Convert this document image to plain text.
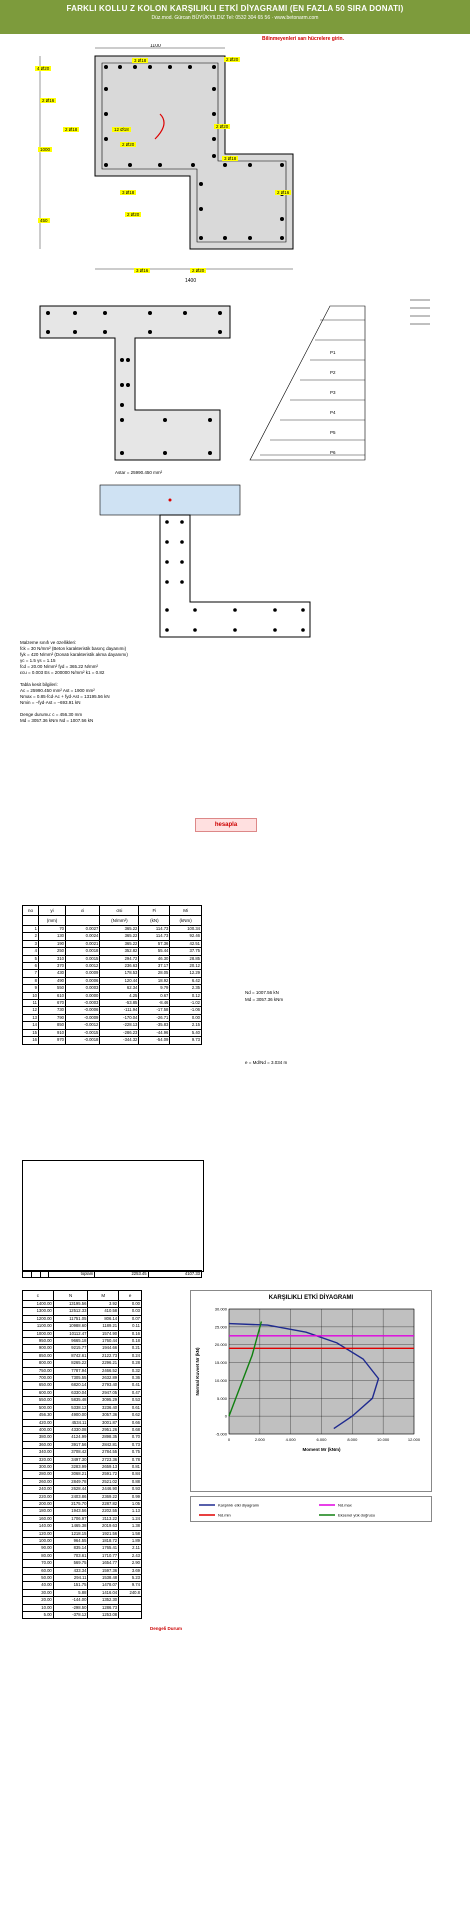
FARKLI KOLLU Z KOLON KARŞILIKLI ETKİ DİYAGRAMI (EN FAZLA 50 SIRA DONATI)
Düz.mod. Gürcan BÜYÜKYILDIZ Tel: 0532 304 65 56 · www.betonarm.com
Bilinmeyenleri sarı hücrelere girin.
1100
1400
4 Ø20
3 Ø18	2 Ø20
2 Ø16
2 Ø18	12 Ø18
2 Ø20
2 Ø20
3 Ø18
3 Ø18	2 Ø16
2 Ø20
2 Ø20
3 Ø16
1000
450
P1
P2
P3
P4
P5
P6
Astar = 25990.450 mm²
Malzeme sınıfı ve özellikleri:
fck = 30 N/mm² (Beton karakteristik basınç dayanımı)
fyk = 420 N/mm² (Donatı karakteristik akma dayanımı)
γc = 1.5 γs = 1.15
fcd = 20.00 N/mm² fyd = 365.22 N/mm²
εcu = 0.003 Es = 200000 N/mm² k1 = 0.82
Tabla kesit bilgileri:
Ac = 25990.450 mm² Ast = 1900 mm²
Nmax = 0.85·fcd·Ac + fyd·Ast = 13195.56 kN
Nmin = −fyd·Ast = −693.91 kN
Denge durumu: c = 456.30 mm
Md = 3057.36 kNm Nd = 1007.56 kN
hesapla
no	yi	εi	σsi	Fi	Mi
	(mm)		(N/mm²)	(kN)	(kNm)
1	70	0.0027	365.22	114.73	100.34
2	130	0.0024	365.22	114.73	92.46
3	190	0.0021	365.22	57.36	42.51
4	250	0.0018	352.82	55.44	37.75
5	310	0.0015	294.72	46.30	28.85
6	370	0.0012	236.63	37.17	20.12
7	430	0.0009	178.53	28.05	12.29
8	490	0.0006	120.44	18.92	6.42
9	550	0.0003	62.34	9.79	2.35
10	610	0.0000	4.25	0.67	0.12
11	670	-0.0003	-53.85	-8.46	-1.02
12	730	-0.0006	-111.94	-17.58	-1.06
13	790	-0.0009	-170.04	-26.71	0.00
14	850	-0.0012	-228.13	-35.83	2.15
15	910	-0.0015	-286.23	-44.96	5.40
16	970	-0.0018	-344.32	-54.09	9.73
			toplam	2253.45	4107.33
Nd = 1007.56 kN
Md = 3057.36 kNm
e = Md/Nd = 3.034 m
c	N	M	e
1400.00	13195.56	3.92	0.00
1300.00	12512.33	410.58	0.03
1200.00	11751.05	806.14	0.07
1100.00	10988.60	1189.21	0.11
1000.00	10112.47	1574.90	0.16
950.00	9665.18	1760.44	0.18
900.00	9215.77	1944.66	0.21
850.00	8742.61	2122.73	0.24
800.00	8265.22	2296.21	0.28
750.00	7787.94	2466.52	0.32
700.00	7305.55	2632.89	0.36
650.00	6820.14	2793.40	0.41
600.00	6330.04	2947.05	0.47
550.00	5835.48	3095.29	0.53
500.00	5338.12	3236.40	0.61
456.30	4900.00	3057.36	0.62
420.00	4534.11	3001.87	0.66
400.00	4330.08	2951.26	0.68
380.00	4124.99	2898.35	0.70
360.00	3917.56	2842.81	0.73
340.00	3708.42	2784.55	0.75
320.00	3497.30	2723.36	0.78
300.00	3283.99	2659.13	0.81
280.00	3068.21	2591.72	0.84
260.00	2849.78	2521.02	0.88
240.00	2628.44	2446.90	0.93
220.00	2403.86	2369.22	0.99
200.00	2175.70	2287.82	1.05
180.00	1943.56	2202.55	1.13
160.00	1706.97	2113.22	1.24
140.00	1465.38	2019.63	1.38
120.00	1218.15	1921.56	1.58
100.00	964.55	1818.72	1.89
90.00	835.14	1765.41	2.11
80.00	703.61	1710.77	2.43
70.00	569.75	1654.77	2.90
60.00	433.34	1597.36	3.69
50.00	294.11	1538.48	5.23
40.00	151.75	1478.07	9.74
30.00	5.88	1416.04	240.8
20.00	-144.00	1352.30	
10.00	-298.50	1286.73	
5.00	-378.12	1253.08	
Dengeli Durum
KARŞILIKLI ETKİ DİYAGRAMI
-5.000
0
5.000
10.000
15.000
20.000
25.000
30.000
0	2.000	4.000	6.000	8.000	10.000	12.000
Moment Mr (kNm)
Normal Kuvvet Nr (kN)
Karşılıklı etki diyagramı	Nd.max
Nd.min	Eksenel yük doğrusu
